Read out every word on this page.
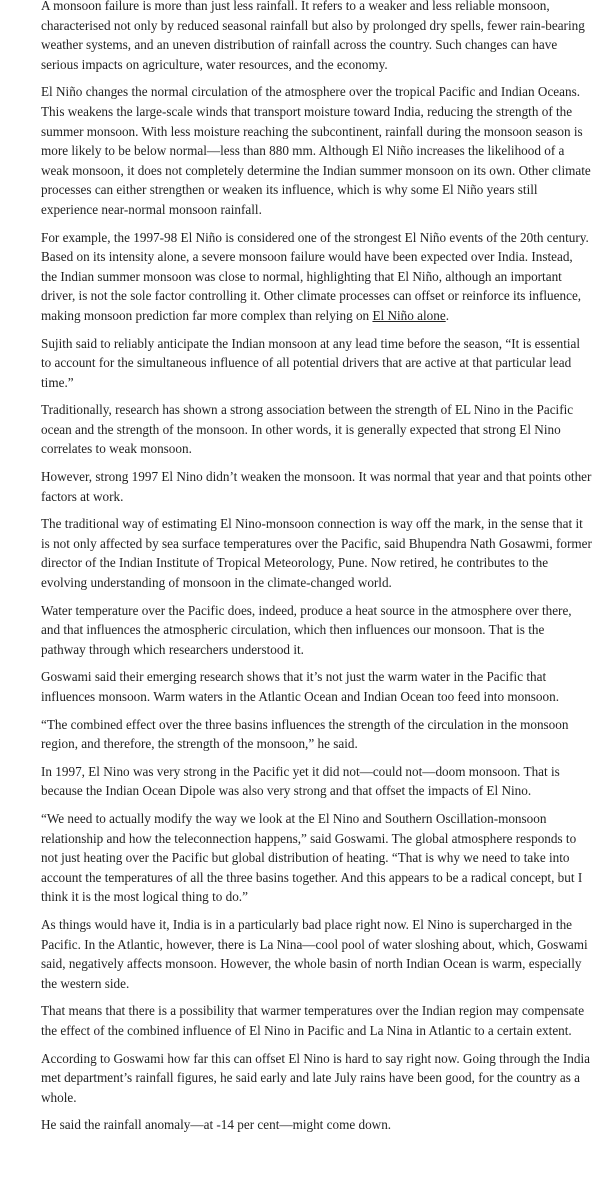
A monsoon failure is more than just less rainfall. It refers to a weaker and less reliable monsoon, characterised not only by reduced seasonal rainfall but also by prolonged dry spells, fewer rain-bearing weather systems, and an uneven distribution of rainfall across the country. Such changes can have serious impacts on agriculture, water resources, and the economy.

El Niño changes the normal circulation of the atmosphere over the tropical Pacific and Indian Oceans. This weakens the large-scale winds that transport moisture toward India, reducing the strength of the summer monsoon. With less moisture reaching the subcontinent, rainfall during the monsoon season is more likely to be below normal—less than 880 mm. Although El Niño increases the likelihood of a weak monsoon, it does not completely determine the Indian summer monsoon on its own. Other climate processes can either strengthen or weaken its influence, which is why some El Niño years still experience near-normal monsoon rainfall.

For example, the 1997-98 El Niño is considered one of the strongest El Niño events of the 20th century. Based on its intensity alone, a severe monsoon failure would have been expected over India. Instead, the Indian summer monsoon was close to normal, highlighting that El Niño, although an important driver, is not the sole factor controlling it. Other climate processes can offset or reinforce its influence, making monsoon prediction far more complex than relying on El Niño alone.

Sujith said to reliably anticipate the Indian monsoon at any lead time before the season, “It is essential to account for the simultaneous influence of all potential drivers that are active at that particular lead time.”

Traditionally, research has shown a strong association between the strength of EL Nino in the Pacific ocean and the strength of the monsoon. In other words, it is generally expected that strong El Nino correlates to weak monsoon.

However, strong 1997 El Nino didn’t weaken the monsoon. It was normal that year and that points other factors at work.

The traditional way of estimating El Nino-monsoon connection is way off the mark, in the sense that it is not only affected by sea surface temperatures over the Pacific, said Bhupendra Nath Gosawmi, former director of the Indian Institute of Tropical Meteorology, Pune. Now retired, he contributes to the evolving understanding of monsoon in the climate-changed world.

Water temperature over the Pacific does, indeed, produce a heat source in the atmosphere over there, and that influences the atmospheric circulation, which then influences our monsoon. That is the pathway through which researchers understood it.

Goswami said their emerging research shows that it’s not just the warm water in the Pacific that influences monsoon. Warm waters in the Atlantic Ocean and Indian Ocean too feed into monsoon.

“The combined effect over the three basins influences the strength of the circulation in the monsoon region, and therefore, the strength of the monsoon,” he said.

In 1997, El Nino was very strong in the Pacific yet it did not—could not—doom monsoon. That is because the Indian Ocean Dipole was also very strong and that offset the impacts of El Nino.

“We need to actually modify the way we look at the El Nino and Southern Oscillation-monsoon relationship and how the teleconnection happens,” said Goswami. The global atmosphere responds to not just heating over the Pacific but global distribution of heating. “That is why we need to take into account the temperatures of all the three basins together. And this appears to be a radical concept, but I think it is the most logical thing to do.”

As things would have it, India is in a particularly bad place right now. El Nino is supercharged in the Pacific. In the Atlantic, however, there is La Nina—cool pool of water sloshing about, which, Goswami said, negatively affects monsoon. However, the whole basin of north Indian Ocean is warm, especially the western side.

That means that there is a possibility that warmer temperatures over the Indian region may compensate the effect of the combined influence of El Nino in Pacific and La Nina in Atlantic to a certain extent.

According to Goswami how far this can offset El Nino is hard to say right now. Going through the India met department’s rainfall figures, he said early and late July rains have been good, for the country as a whole.

He said the rainfall anomaly—at -14 per cent—might come down.
